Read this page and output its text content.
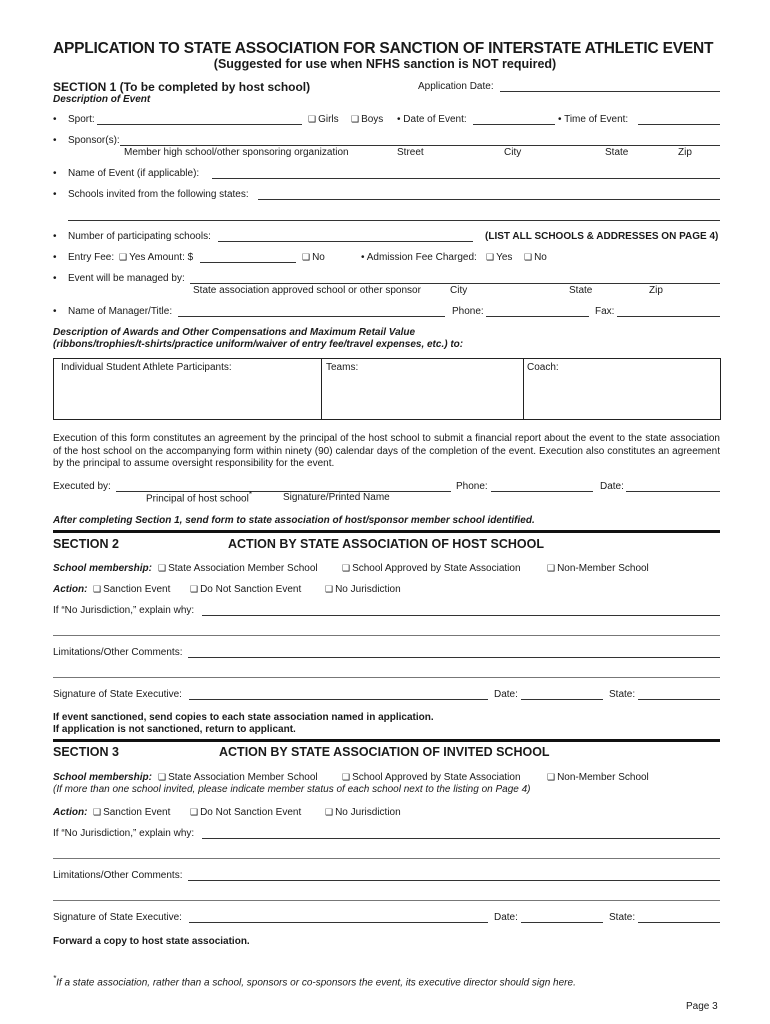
APPLICATION TO STATE ASSOCIATION FOR SANCTION OF INTERSTATE ATHLETIC EVENT
(Suggested for use when NFHS sanction is NOT required)
SECTION 1 (To be completed by host school)	Application Date:
Description of Event
• Sport:	❑ Girls ❑ Boys • Date of Event:	• Time of Event:
• Sponsor(s):
Member high school/other sponsoring organization	Street	City	State	Zip
• Name of Event (if applicable):
• Schools invited from the following states:
• Number of participating schools:	(LIST ALL SCHOOLS & ADDRESSES ON PAGE 4)
• Entry Fee: ❑ Yes Amount: $	❑ No	• Admission Fee Charged: ❑ Yes ❑ No
• Event will be managed by:
State association approved school or other sponsor	City	State	Zip
• Name of Manager/Title:	Phone:	Fax:
Description of Awards and Other Compensations and Maximum Retail Value
(ribbons/trophies/t-shirts/practice uniform/waiver of entry fee/travel expenses, etc.) to:
Individual Student Athlete Participants:	Teams:	Coach:
Execution of this form constitutes an agreement by the principal of the host school to submit a financial report about the event to the state association of the host school on the accompanying form within ninety (90) calendar days of the completion of the event. Execution also constitutes an agreement by the principal to assume oversight responsibility for the event.
Executed by:	Phone:	Date:
Principal of host school*	Signature/Printed Name
After completing Section 1, send form to state association of host/sponsor member school identified.
SECTION 2	ACTION BY STATE ASSOCIATION OF HOST SCHOOL
School membership: ❑ State Association Member School	❑ School Approved by State Association	❑ Non-Member School
Action: ❑ Sanction Event ❑ Do Not Sanction Event	❑ No Jurisdiction
If “No Jurisdiction,” explain why:
Limitations/Other Comments:
Signature of State Executive:	Date:	State:
If event sanctioned, send copies to each state association named in application.
If application is not sanctioned, return to applicant.
SECTION 3	ACTION BY STATE ASSOCIATION OF INVITED SCHOOL
School membership: ❑ State Association Member School	❑ School Approved by State Association	❑ Non-Member School
(If more than one school invited, please indicate member status of each school next to the listing on Page 4)
Action: ❑ Sanction Event ❑ Do Not Sanction Event	❑ No Jurisdiction
If “No Jurisdiction,” explain why:
Limitations/Other Comments:
Signature of State Executive:	Date:	State:
Forward a copy to host state association.
*If a state association, rather than a school, sponsors or co-sponsors the event, its executive director should sign here.
Page 3
